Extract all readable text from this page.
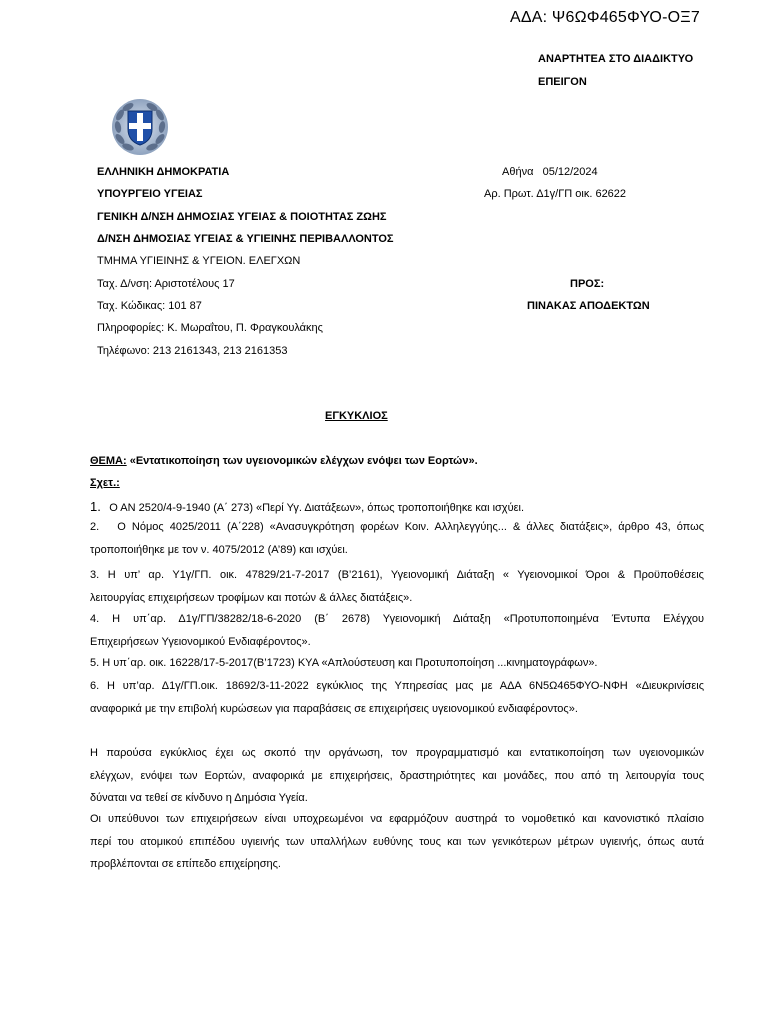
ΑΔΑ: Ψ6ΩΦ465ΦΥΟ-ΟΞ7
ΑΝΑΡΤΗΤΕΑ ΣΤΟ ΔΙΑΔΙΚΤΥΟ
ΕΠΕΙΓΟΝ
ΕΛΛΗΝΙΚΗ ΔΗΜΟΚΡΑΤΙΑ
ΥΠΟΥΡΓΕΙΟ ΥΓΕΙΑΣ
ΓΕΝΙΚΗ Δ/ΝΣΗ ΔΗΜΟΣΙΑΣ ΥΓΕΙΑΣ & ΠΟΙΟΤΗΤΑΣ ΖΩΗΣ
Δ/ΝΣΗ ΔΗΜΟΣΙΑΣ ΥΓΕΙΑΣ & ΥΓΙΕΙΝΗΣ ΠΕΡΙΒΑΛΛΟΝΤΟΣ
ΤΜΗΜΑ ΥΓΙΕΙΝΗΣ & ΥΓΕΙΟΝ. ΕΛΕΓΧΩΝ
Ταχ. Δ/νση: Αριστοτέλους 17
Ταχ. Κώδικας: 101 87
Πληροφορίες: Κ. Μωραΐτου, Π. Φραγκουλάκης
Τηλέφωνο: 213 2161343, 213 2161353
Αθήνα   05/12/2024
Αρ. Πρωτ. Δ1γ/ΓΠ οικ. 62622
ΠΡΟΣ:
ΠΙΝΑΚΑΣ ΑΠΟΔΕΚΤΩΝ
ΕΓΚΥΚΛΙΟΣ
ΘΕΜΑ: «Εντατικοποίηση των υγειονομικών ελέγχων ενόψει των Εορτών».
Σχετ.:
1. Ο ΑΝ 2520/4-9-1940 (Α΄ 273) «Περί Υγ. Διατάξεων», όπως τροποποιήθηκε και ισχύει.
2. Ο Νόμος 4025/2011 (Α΄228) «Ανασυγκρότηση φορέων Κοιν. Αλληλεγγύης... & άλλες διατάξεις», άρθρο 43, όπως
τροποποιήθηκε με τον ν. 4075/2012 (Α’89) και ισχύει.
3. Η υπ’ αρ. Υ1γ/ΓΠ. οικ. 47829/21-7-2017 (Β’2161), Υγειονομική Διάταξη « Υγειονομικοί Όροι & Προϋποθέσεις
λειτουργίας επιχειρήσεων τροφίμων και ποτών & άλλες διατάξεις».
4. Η υπ΄αρ. Δ1γ/ΓΠ/38282/18-6-2020 (Β΄ 2678) Υγειονομική Διάταξη «Προτυποποιημένα Έντυπα Ελέγχου
Επιχειρήσεων Υγειονομικού Ενδιαφέροντος».
5. Η υπ΄αρ. οικ. 16228/17-5-2017(Β’1723) ΚΥΑ «Απλούστευση και Προτυποποίηση ...κινηματογράφων».
6. Η υπ’αρ. Δ1γ/ΓΠ.οικ. 18692/3-11-2022 εγκύκλιος της Υπηρεσίας μας με ΑΔΑ 6Ν5Ω465ΦΥΟ-ΝΦΗ «Διευκρινίσεις
αναφορικά με την επιβολή κυρώσεων για παραβάσεις σε επιχειρήσεις υγειονομικού ενδιαφέροντος».
Η παρούσα εγκύκλιος έχει ως σκοπό την οργάνωση, τον προγραμματισμό και εντατικοποίηση των υγειονομικών
ελέγχων, ενόψει των Εορτών, αναφορικά με επιχειρήσεις, δραστηριότητες και μονάδες, που από τη λειτουργία τους
δύναται να τεθεί σε κίνδυνο η Δημόσια Υγεία.
Οι υπεύθυνοι των επιχειρήσεων είναι υποχρεωμένοι να εφαρμόζουν αυστηρά το νομοθετικό και κανονιστικό πλαίσιο
περί του ατομικού επιπέδου υγιεινής των υπαλλήλων ευθύνης τους και των γενικότερων μέτρων υγιεινής, όπως αυτά
προβλέπονται σε επίπεδο επιχείρησης.
